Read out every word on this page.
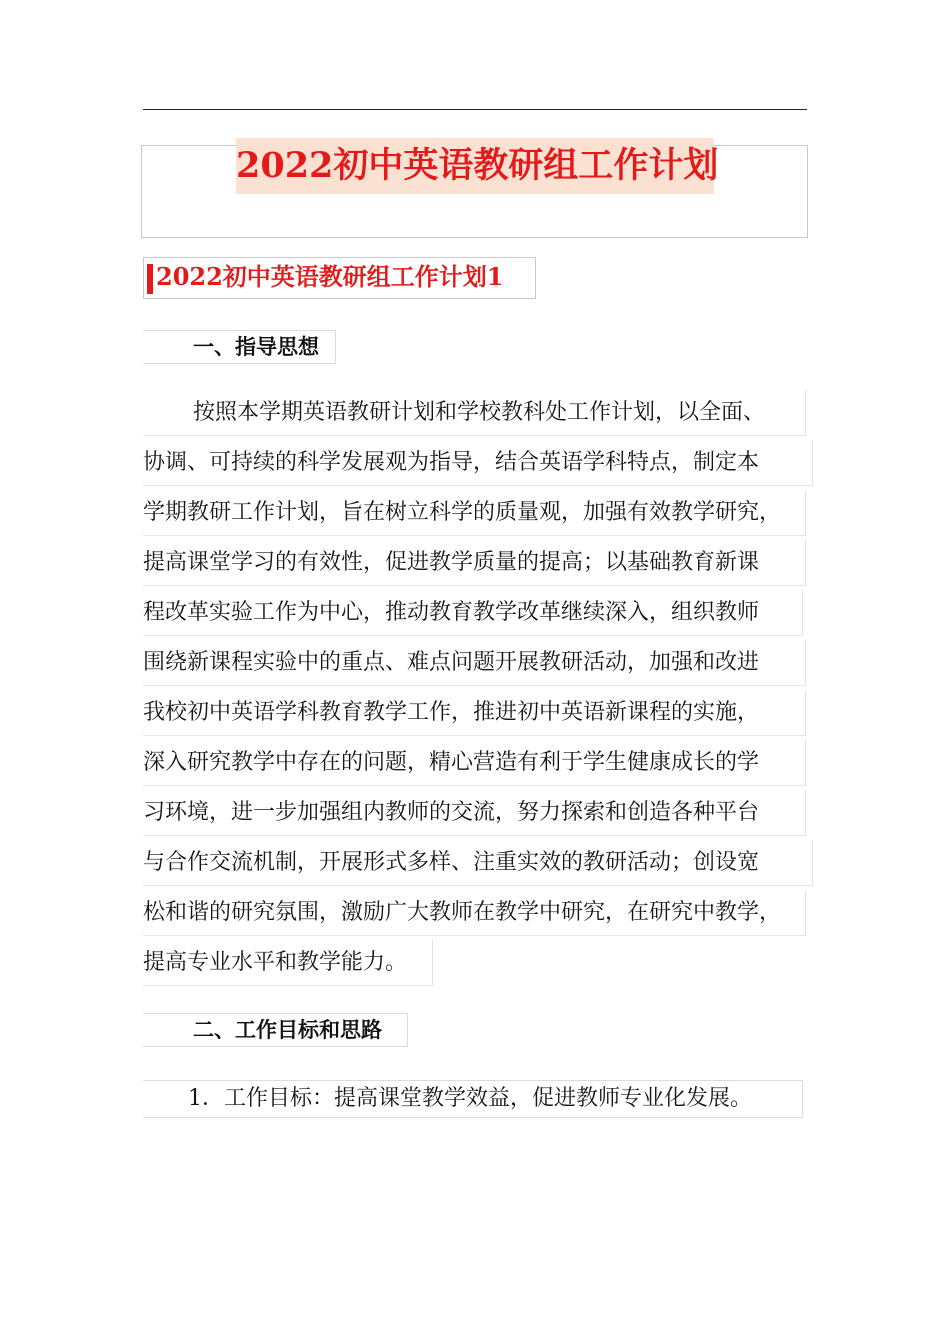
2022初中英语教研组工作计划
2022初中英语教研组工作计划1
一、指导思想
按照本学期英语教研计划和学校教科处工作计划，以全面、
协调、可持续的科学发展观为指导，结合英语学科特点，制定本
学期教研工作计划，旨在树立科学的质量观，加强有效教学研究，
提高课堂学习的有效性，促进教学质量的提高；以基础教育新课
程改革实验工作为中心，推动教育教学改革继续深入，组织教师
围绕新课程实验中的重点、难点问题开展教研活动，加强和改进
我校初中英语学科教育教学工作，推进初中英语新课程的实施，
深入研究教学中存在的问题，精心营造有利于学生健康成长的学
习环境，进一步加强组内教师的交流，努力探索和创造各种平台
与合作交流机制，开展形式多样、注重实效的教研活动；创设宽
松和谐的研究氛围，激励广大教师在教学中研究，在研究中教学，
提高专业水平和教学能力。
二、工作目标和思路
1．工作目标：提高课堂教学效益，促进教师专业化发展。
